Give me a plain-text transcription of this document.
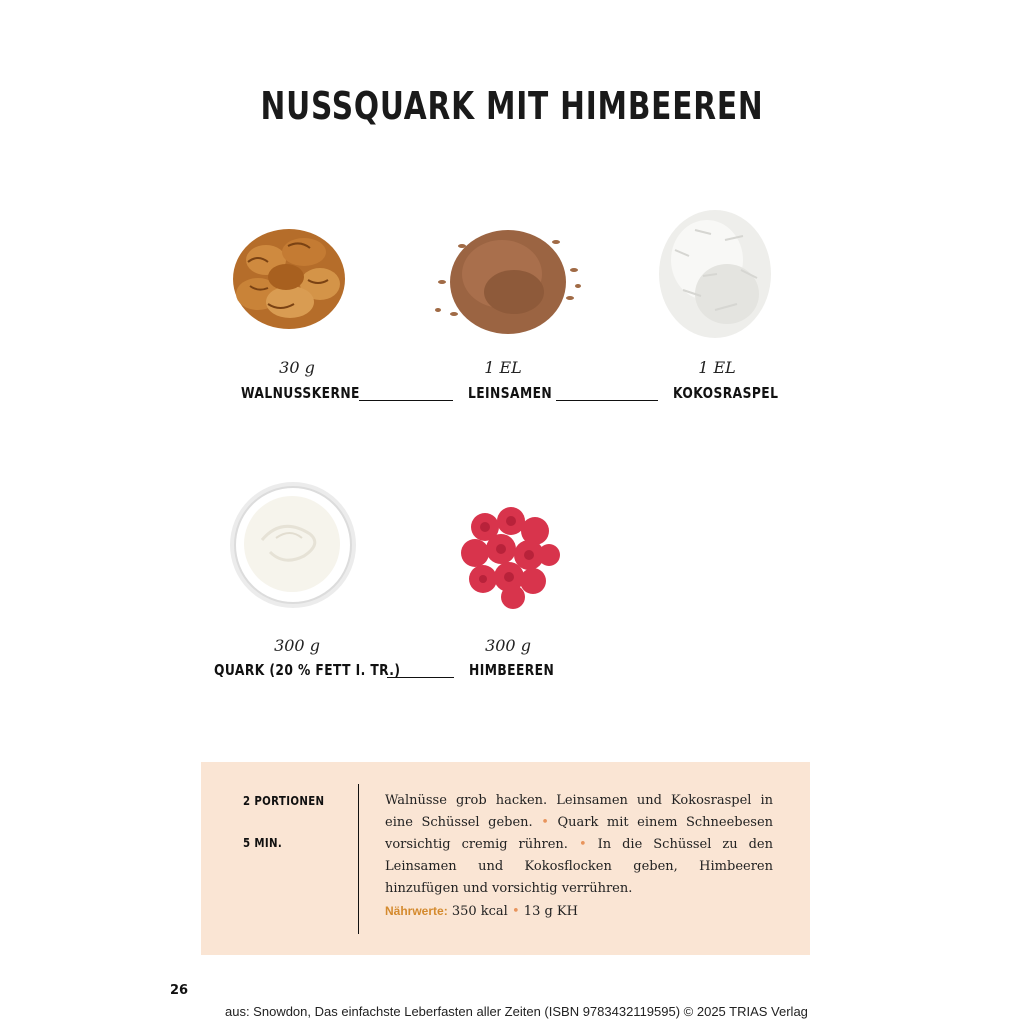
NUSSQUARK MIT HIMBEEREN
30 g
WALNUSSKERNE
1 EL
LEINSAMEN
1 EL
KOKOSRASPEL
300 g
QUARK (20 % FETT I. TR.)
300 g
HIMBEEREN
2 PORTIONEN
5 MIN.

Walnüsse grob hacken. Leinsamen und Kokosraspel in eine Schüssel geben. • Quark mit einem Schneebesen vorsichtig cremig rühren. • In die Schüssel zu den Leinsamen und Kokosflocken geben, Himbeeren hinzufügen und vorsichtig verrühren.
Nährwerte: 350 kcal • 13 g KH

26
aus: Snowdon, Das einfachste Leberfasten aller Zeiten (ISBN 9783432119595) © 2025 TRIAS Verlag
